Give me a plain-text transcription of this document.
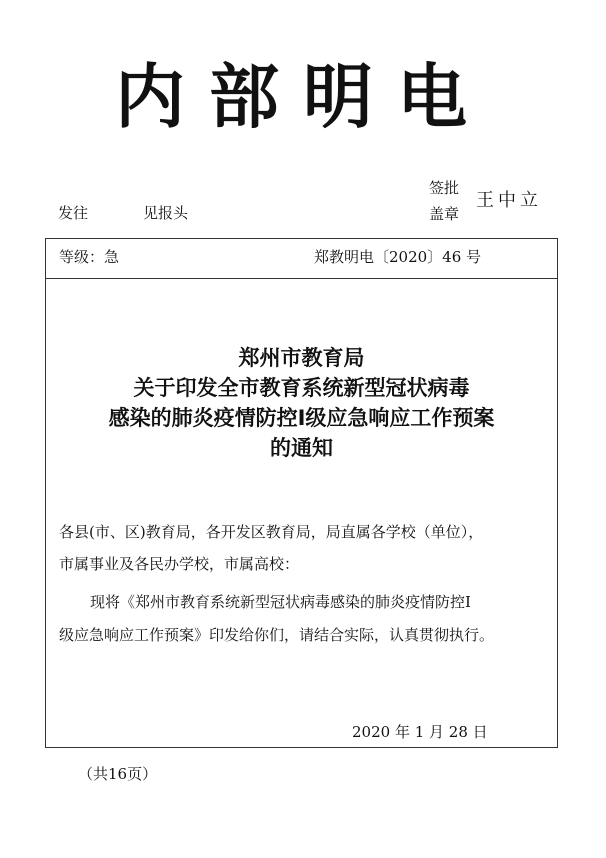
内部明电
发往	见报头
签批
盖章
王中立
等级：急	郑教明电〔2020〕46 号
郑州市教育局
关于印发全市教育系统新型冠状病毒
感染的肺炎疫情防控Ⅰ级应急响应工作预案
的通知
各县(市、区)教育局，各开发区教育局，局直属各学校（单位），
市属事业及各民办学校，市属高校：
现将《郑州市教育系统新型冠状病毒感染的肺炎疫情防控Ⅰ
级应急响应工作预案》印发给你们，请结合实际，认真贯彻执行。
2020 年 1 月 28 日
（共16页）
